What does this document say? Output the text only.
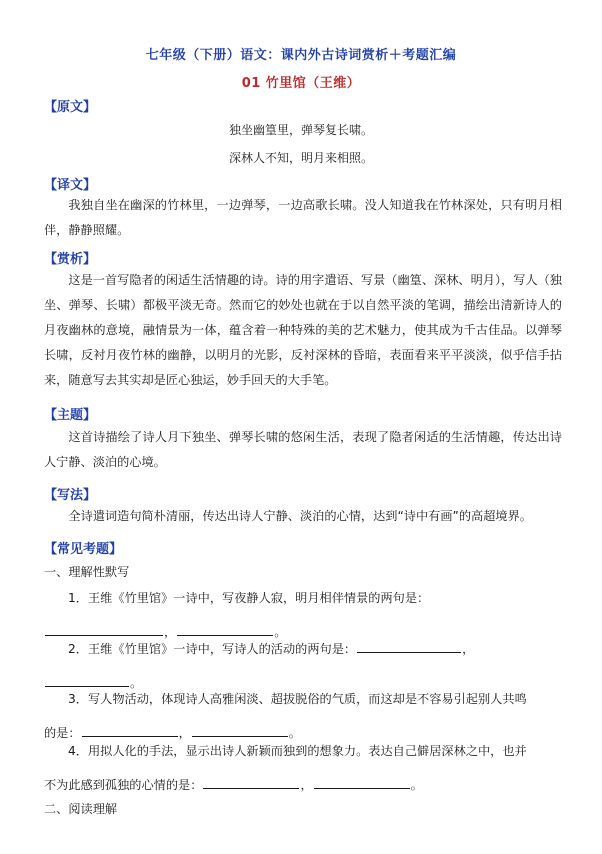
七年级（下册）语文：课内外古诗词赏析＋考题汇编
01 竹里馆（王维）
【原文】
独坐幽篁里，弹琴复长啸。
深林人不知，明月来相照。
【译文】
我独自坐在幽深的竹林里，一边弹琴，一边高歌长啸。没人知道我在竹林深处，只有明月相伴，静静照耀。
【赏析】
这是一首写隐者的闲适生活情趣的诗。诗的用字遣语、写景（幽篁、深林、明月），写人（独坐、弹琴、长啸）都极平淡无奇。然而它的妙处也就在于以自然平淡的笔调，描绘出清新诗人的月夜幽林的意境，融情景为一体，蕴含着一种特殊的美的艺术魅力，使其成为千古佳品。以弹琴长啸，反衬月夜竹林的幽静，以明月的光影，反衬深林的昏暗，表面看来平平淡淡，似乎信手拈来，随意写去其实却是匠心独运，妙手回天的大手笔。
【主题】
这首诗描绘了诗人月下独坐、弹琴长啸的悠闲生活，表现了隐者闲适的生活情趣，传达出诗人宁静、淡泊的心境。
【写法】
全诗遣词造句简朴清丽，传达出诗人宁静、淡泊的心情，达到“诗中有画”的高超境界。
【常见考题】
一、理解性默写
1．王维《竹里馆》一诗中，写夜静人寂，明月相伴情景的两句是：
，	。
2．王维《竹里馆》一诗中，写诗人的活动的两句是：	，
。
3．写人物活动，体现诗人高雅闲淡、超拔脱俗的气质，而这却是不容易引起别人共鸣
的是：	，	。
4．用拟人化的手法，显示出诗人新颖而独到的想象力。表达自己僻居深林之中，也并
不为此感到孤独的心情的是：	，	。
二、阅读理解
